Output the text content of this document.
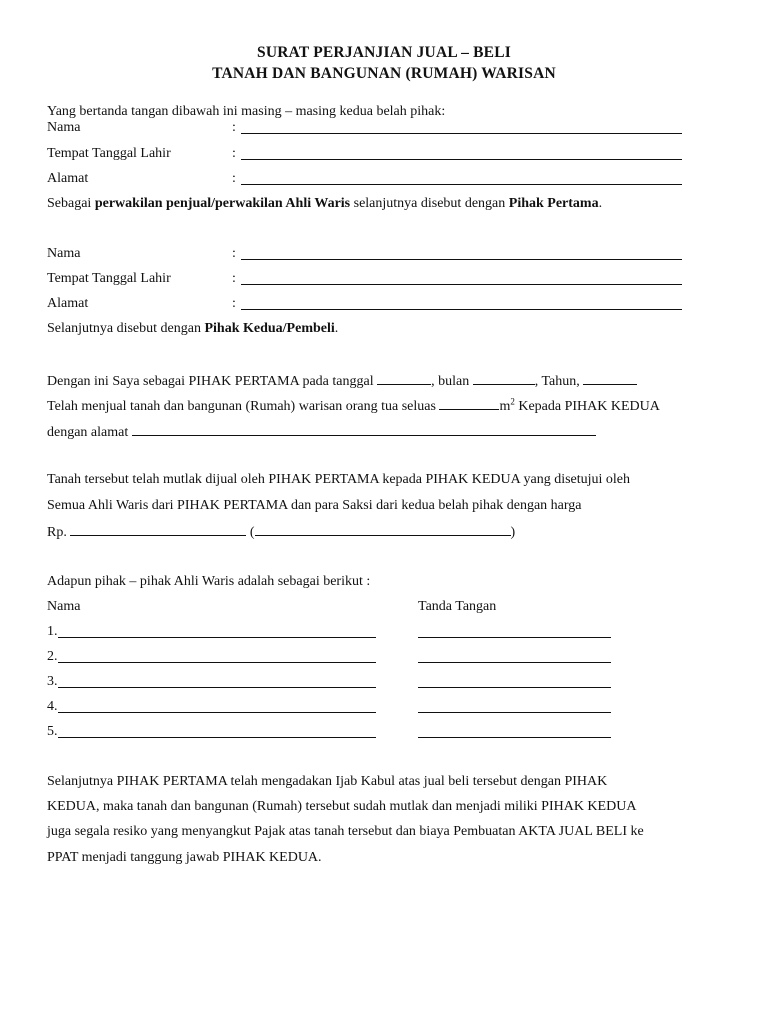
SURAT PERJANJIAN JUAL – BELI
TANAH DAN BANGUNAN (RUMAH) WARISAN
Yang bertanda tangan dibawah ini masing – masing kedua belah pihak:
Nama	:
Tempat Tanggal Lahir	:
Alamat	:
Sebagai perwakilan penjual/perwakilan Ahli Waris selanjutnya disebut dengan Pihak Pertama.
Nama	:
Tempat Tanggal Lahir	:
Alamat	:
Selanjutnya disebut dengan Pihak Kedua/Pembeli.
Dengan ini Saya sebagai PIHAK PERTAMA pada tanggal	, bulan	, Tahun,
Telah menjual tanah dan bangunan (Rumah) warisan orang tua seluas	$m^2$ Kepada PIHAK KEDUA
dengan alamat
Tanah tersebut telah mutlak dijual oleh PIHAK PERTAMA kepada PIHAK KEDUA yang disetujui oleh
Semua Ahli Waris dari PIHAK PERTAMA dan para Saksi dari kedua belah pihak dengan harga
Rp.	(	)
Adapun pihak – pihak Ahli Waris adalah sebagai berikut :
Nama	Tanda Tangan
1.
2.
3.
4.
5.
Selanjutnya PIHAK PERTAMA telah mengadakan Ijab Kabul atas jual beli tersebut dengan PIHAK
KEDUA, maka tanah dan bangunan (Rumah) tersebut sudah mutlak dan menjadi miliki PIHAK KEDUA
juga segala resiko yang menyangkut Pajak atas tanah tersebut dan biaya Pembuatan AKTA JUAL BELI ke
PPAT menjadi tanggung jawab PIHAK KEDUA.
